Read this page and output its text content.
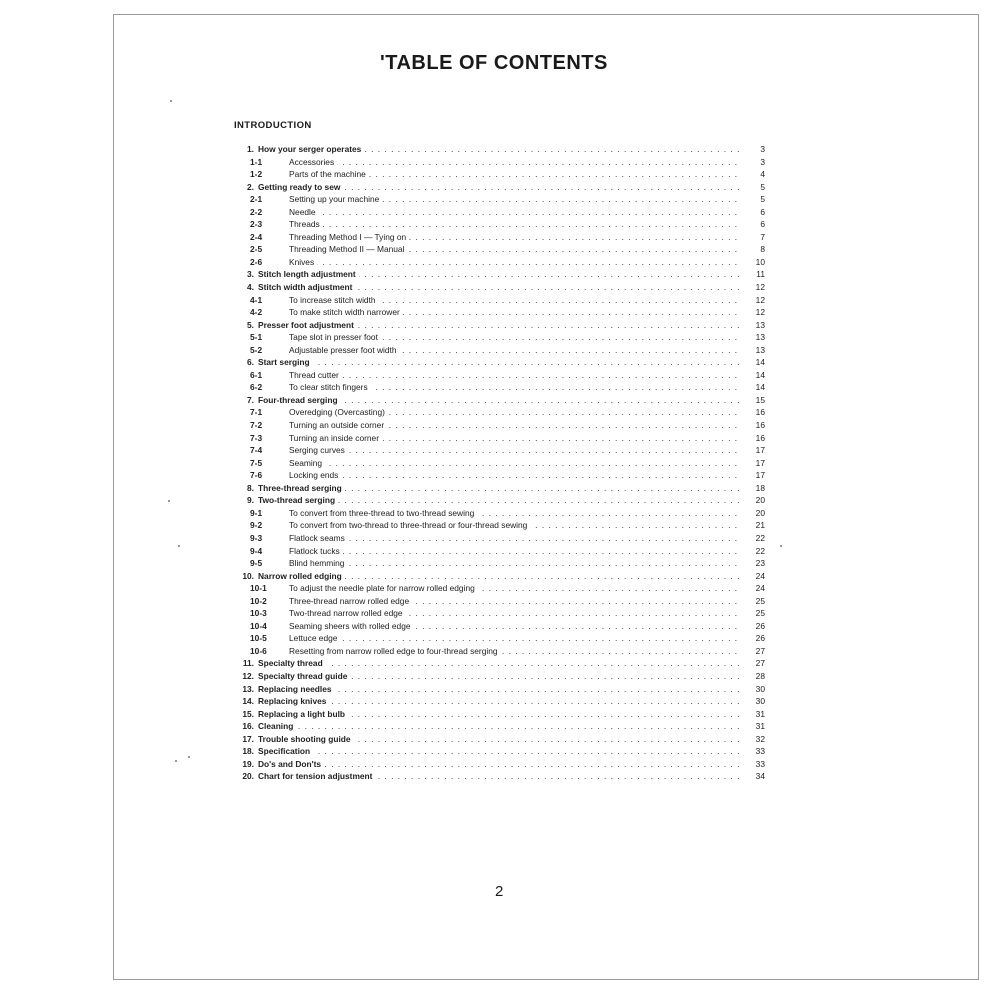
'TABLE OF CONTENTS
INTRODUCTION
1. How your serger operates . . .	3
1-1	Accessories . . .	3
1-2	Parts of the machine . . .	4
2. Getting ready to sew . . .	5
2-1	Setting up your machine . . .	5
2-2	Needle . . .	6
2-3	Threads . . .	6
2-4	Threading Method I — Tying on . . .	7
2-5	Threading Method II — Manual . . .	8
2-6	Knives . . .	10
3. Stitch length adjustment . . .	11
4. Stitch width adjustment . . .	12
4-1	To increase stitch width . . .	12
4-2	To make stitch width narrower . . .	12
5. Presser foot adjustment . . .	13
5-1	Tape slot in presser foot . . .	13
5-2	Adjustable presser foot width . . .	13
6. Start serging . . .	14
6-1	Thread cutter . . .	14
6-2	To clear stitch fingers . . .	14
7. Four-thread serging . . .	15
7-1	Overedging (Overcasting) . . .	16
7-2	Turning an outside corner . . .	16
7-3	Turning an inside corner . . .	16
7-4	Serging curves . . .	17
7-5	Seaming . . .	17
7-6	Locking ends . . .	17
8. Three-thread serging . . .	18
9. Two-thread serging . . .	20
9-1	To convert from three-thread to two-thread sewing . . .	20
9-2	To convert from two-thread to three-thread or four-thread sewing . . .	21
9-3	Flatlock seams . . .	22
9-4	Flatlock tucks . . .	22
9-5	Blind hemming . . .	23
10. Narrow rolled edging . . .	24
10-1	To adjust the needle plate for narrow rolled edging . . .	24
10-2	Three-thread narrow rolled edge . . .	25
10-3	Two-thread narrow rolled edge . . .	25
10-4	Seaming sheers with rolled edge . . .	26
10-5	Lettuce edge . . .	26
10-6	Resetting from narrow rolled edge to four-thread serging . . .	27
11. Specialty thread . . .	27
12. Specialty thread guide . . .	28
13. Replacing needles . . .	30
14. Replacing knives . . .	30
15. Replacing a light bulb . . .	31
16. Cleaning . . .	31
17. Trouble shooting guide . . .	32
18. Specification . . .	33
19. Do's and Don'ts . . .	33
20. Chart for tension adjustment . . .	34
2
